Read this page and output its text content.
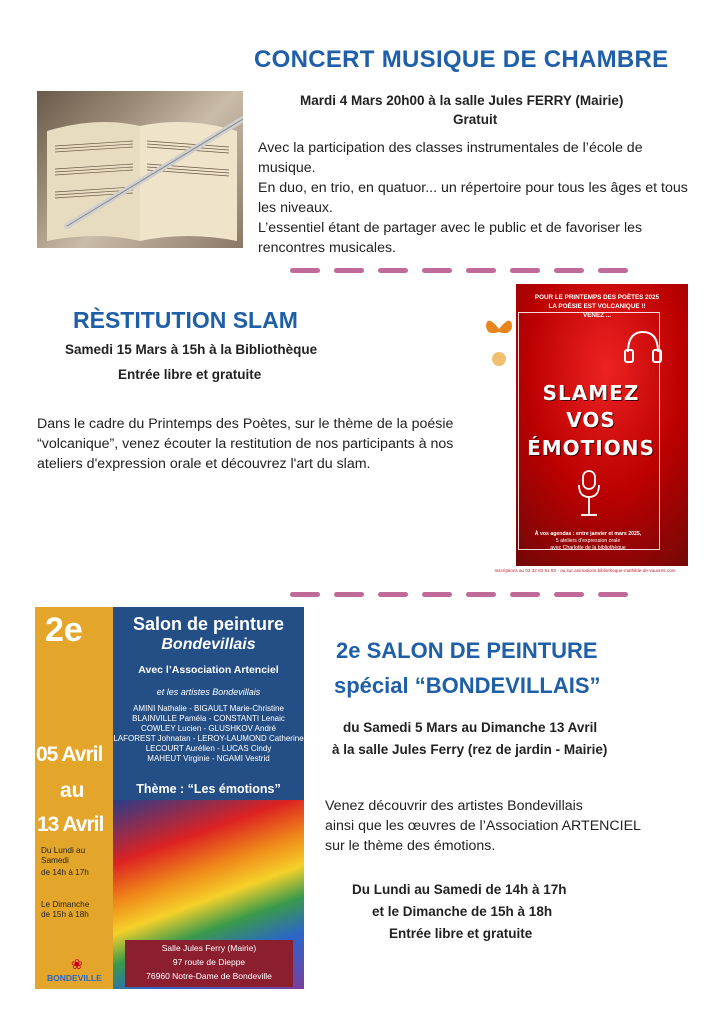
CONCERT MUSIQUE DE CHAMBRE
Mardi 4 Mars 20h00 à la salle Jules FERRY (Mairie)
Gratuit

Avec la participation des classes instrumentales de l’école de musique.

En duo, en trio, en quatuor... un répertoire pour tous les âges et tous les niveaux.

L’essentiel étant de partager avec le public et de favoriser les rencontres musicales.

RÈSTITUTION SLAM
Samedi 15 Mars à 15h à la Bibliothèque
Entrée libre et gratuite
Dans le cadre du Printemps des Poètes, sur le thème de la poésie “volcanique”, venez écouter la restitution de nos participants à nos ateliers d'expression orale et découvrez l'art du slam.
POUR LE PRINTEMPS DES POÈTES 2025
LA POÉSIE EST VOLCANIQUE !!
VENEZ ...
SLAMEZ
VOS
ÉMOTIONS
À vos agendas : entre janvier et mars 2025,
5 ateliers d'expression orale
avec Charlotte de la bibliothèque
Inscriptions au 02 32 82 51 60 · ou sur animations.bibliotheque-mathilde-de-vauvres.com
2e
05 Avril
au
13 Avril
Du Lundi au
Samedi
de 14h à 17h
Le Dimanche
de 15h à 18h
❀
BONDEVILLE
Salon de peinture
Bondevillais
Avec l’Association Artenciel
et les artistes Bondevillais
AMINI Nathalie - BIGAULT Marie-Christine
BLAINVILLE Paméla - CONSTANTI Lenaic
COWLEY Lucien - GLUSHKOV André
LAFOREST Johnatan - LEROY-LAUMOND Catherine
LECOURT Aurélien - LUCAS Cindy
MAHEUT Virginie - NGAMI Vestrid
Thème : “Les émotions”
Salle Jules Ferry (Mairie)
97 route de Dieppe
76960 Notre-Dame de Bondeville
2e SALON DE PEINTURE
spécial “BONDEVILLAIS”
du Samedi 5 Mars au Dimanche 13 Avril
à la salle Jules Ferry (rez de jardin - Mairie)

Venez découvrir des artistes Bondevillais

ainsi que les œuvres de l’Association ARTENCIEL

sur le thème des émotions.

Du Lundi au Samedi de 14h à 17h
et le Dimanche de 15h à 18h
Entrée libre et gratuite
